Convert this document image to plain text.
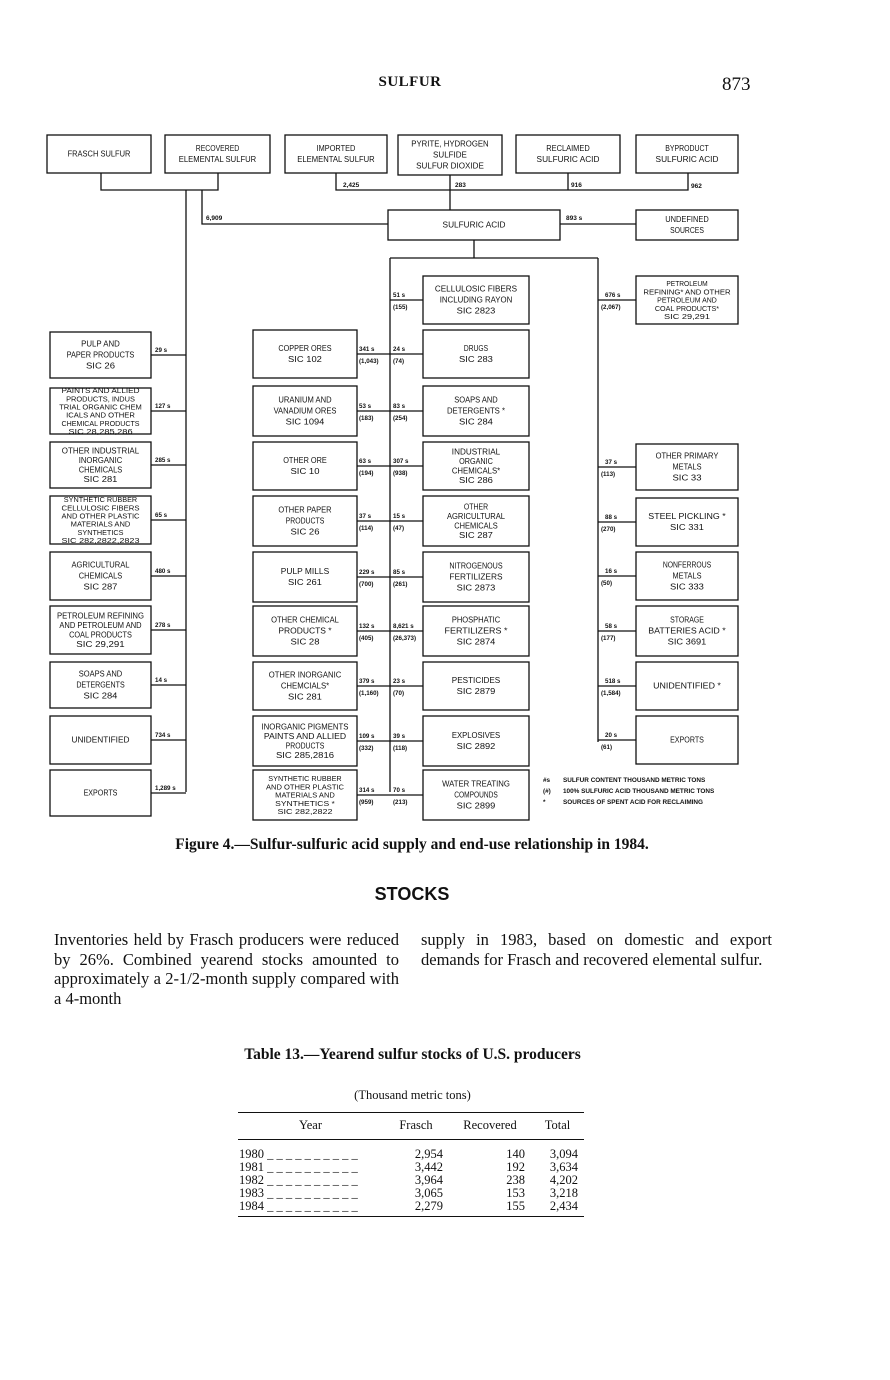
SULFUR	873
FRASCH SULFUR
RECOVERED
ELEMENTAL SULFUR
IMPORTED
ELEMENTAL SULFUR
PYRITE, HYDROGEN
SULFIDE
SULFUR DIOXIDE
RECLAIMED
SULFURIC ACID
BYPRODUCT
SULFURIC ACID
SULFURIC ACID
UNDEFINED
SOURCES
PULP AND
PAPER PRODUCTS
SIC 26
PAINTS AND ALLIED
PRODUCTS, INDUS
TRIAL ORGANIC CHEM
ICALS AND OTHER
CHEMICAL PRODUCTS
SIC 28,285,286
OTHER INDUSTRIAL
INORGANIC
CHEMICALS
SIC 281
SYNTHETIC RUBBER
CELLULOSIC FIBERS
AND OTHER PLASTIC
MATERIALS AND
SYNTHETICS
SIC 282,2822,2823
AGRICULTURAL
CHEMICALS
SIC 287
PETROLEUM REFINING
AND PETROLEUM AND
COAL PRODUCTS
SIC 29,291
SOAPS AND
DETERGENTS
SIC 284
UNIDENTIFIED
EXPORTS
COPPER ORES
SIC 102
URANIUM AND
VANADIUM ORES
SIC 1094
OTHER ORE
SIC 10
OTHER PAPER
PRODUCTS
SIC 26
PULP MILLS
SIC 261
OTHER CHEMICAL
PRODUCTS *
SIC 28
OTHER INORGANIC
CHEMCIALS*
SIC 281
INORGANIC PIGMENTS
PAINTS AND ALLIED
PRODUCTS
SIC 285,2816
SYNTHETIC RUBBER
AND OTHER PLASTIC
MATERIALS AND
SYNTHETICS *
SIC 282,2822
CELLULOSIC FIBERS
INCLUDING RAYON
SIC 2823
DRUGS
SIC 283
SOAPS AND
DETERGENTS *
SIC 284
INDUSTRIAL
ORGANIC
CHEMICALS*
SIC 286
OTHER
AGRICULTURAL
CHEMICALS
SIC 287
NITROGENOUS
FERTILIZERS
SIC 2873
PHOSPHATIC
FERTILIZERS *
SIC 2874
PESTICIDES
SIC 2879
EXPLOSIVES
SIC 2892
WATER TREATING
COMPOUNDS
SIC 2899
PETROLEUM
REFINING* AND OTHER
PETROLEUM AND
COAL PRODUCTS*
SIC 29,291
OTHER PRIMARY
METALS
SIC 33
STEEL PICKLING *
SIC 331
NONFERROUS
METALS
SIC 333
STORAGE
BATTERIES ACID *
SIC 3691
UNIDENTIFIED *
EXPORTS
6,909
2,425	283	916	962
893 s
29 s
127 s
285 s
65 s
480 s
278 s
14 s
734 s
1,289 s
341 s
(1,043)
53 s
(183)
63 s
(194)
37 s
(114)
229 s
(700)
132 s
(405)
379 s
(1,160)
109 s
(332)
314 s
(959)
51 s
(155)
24 s
(74)
83 s
(254)
307 s
(938)
15 s
(47)
85 s
(261)
8,621 s
(26,373)
23 s
(70)
39 s
(118)
70 s
(213)
676 s
(2,067)
37 s
(113)
88 s
(270)
16 s
(50)
58 s
(177)
518 s
(1,584)
20 s
(61)
#s SULFUR CONTENT THOUSAND METRIC TONS
(#) 100% SULFURIC ACID THOUSAND METRIC TONS
*	SOURCES OF SPENT ACID FOR RECLAIMING
Figure 4.—Sulfur-sulfuric acid supply and end-use relationship in 1984.
STOCKS
Inventories held by Frasch producers were reduced by 26%. Combined yearend stocks amounted to approximately a 2-1/2-month supply compared with a 4-month
supply in 1983, based on domestic and export demands for Frasch and recovered elemental sulfur.
Table 13.—Yearend sulfur stocks of U.S. producers
(Thousand metric tons)
Year	Frasch	Recovered	Total
1980 _ _ _ _ _ _ _ _ _ _	2,954	140	3,094
1981 _ _ _ _ _ _ _ _ _ _	3,442	192	3,634
1982 _ _ _ _ _ _ _ _ _ _	3,964	238	4,202
1983 _ _ _ _ _ _ _ _ _ _	3,065	153	3,218
1984 _ _ _ _ _ _ _ _ _ _	2,279	155	2,434
